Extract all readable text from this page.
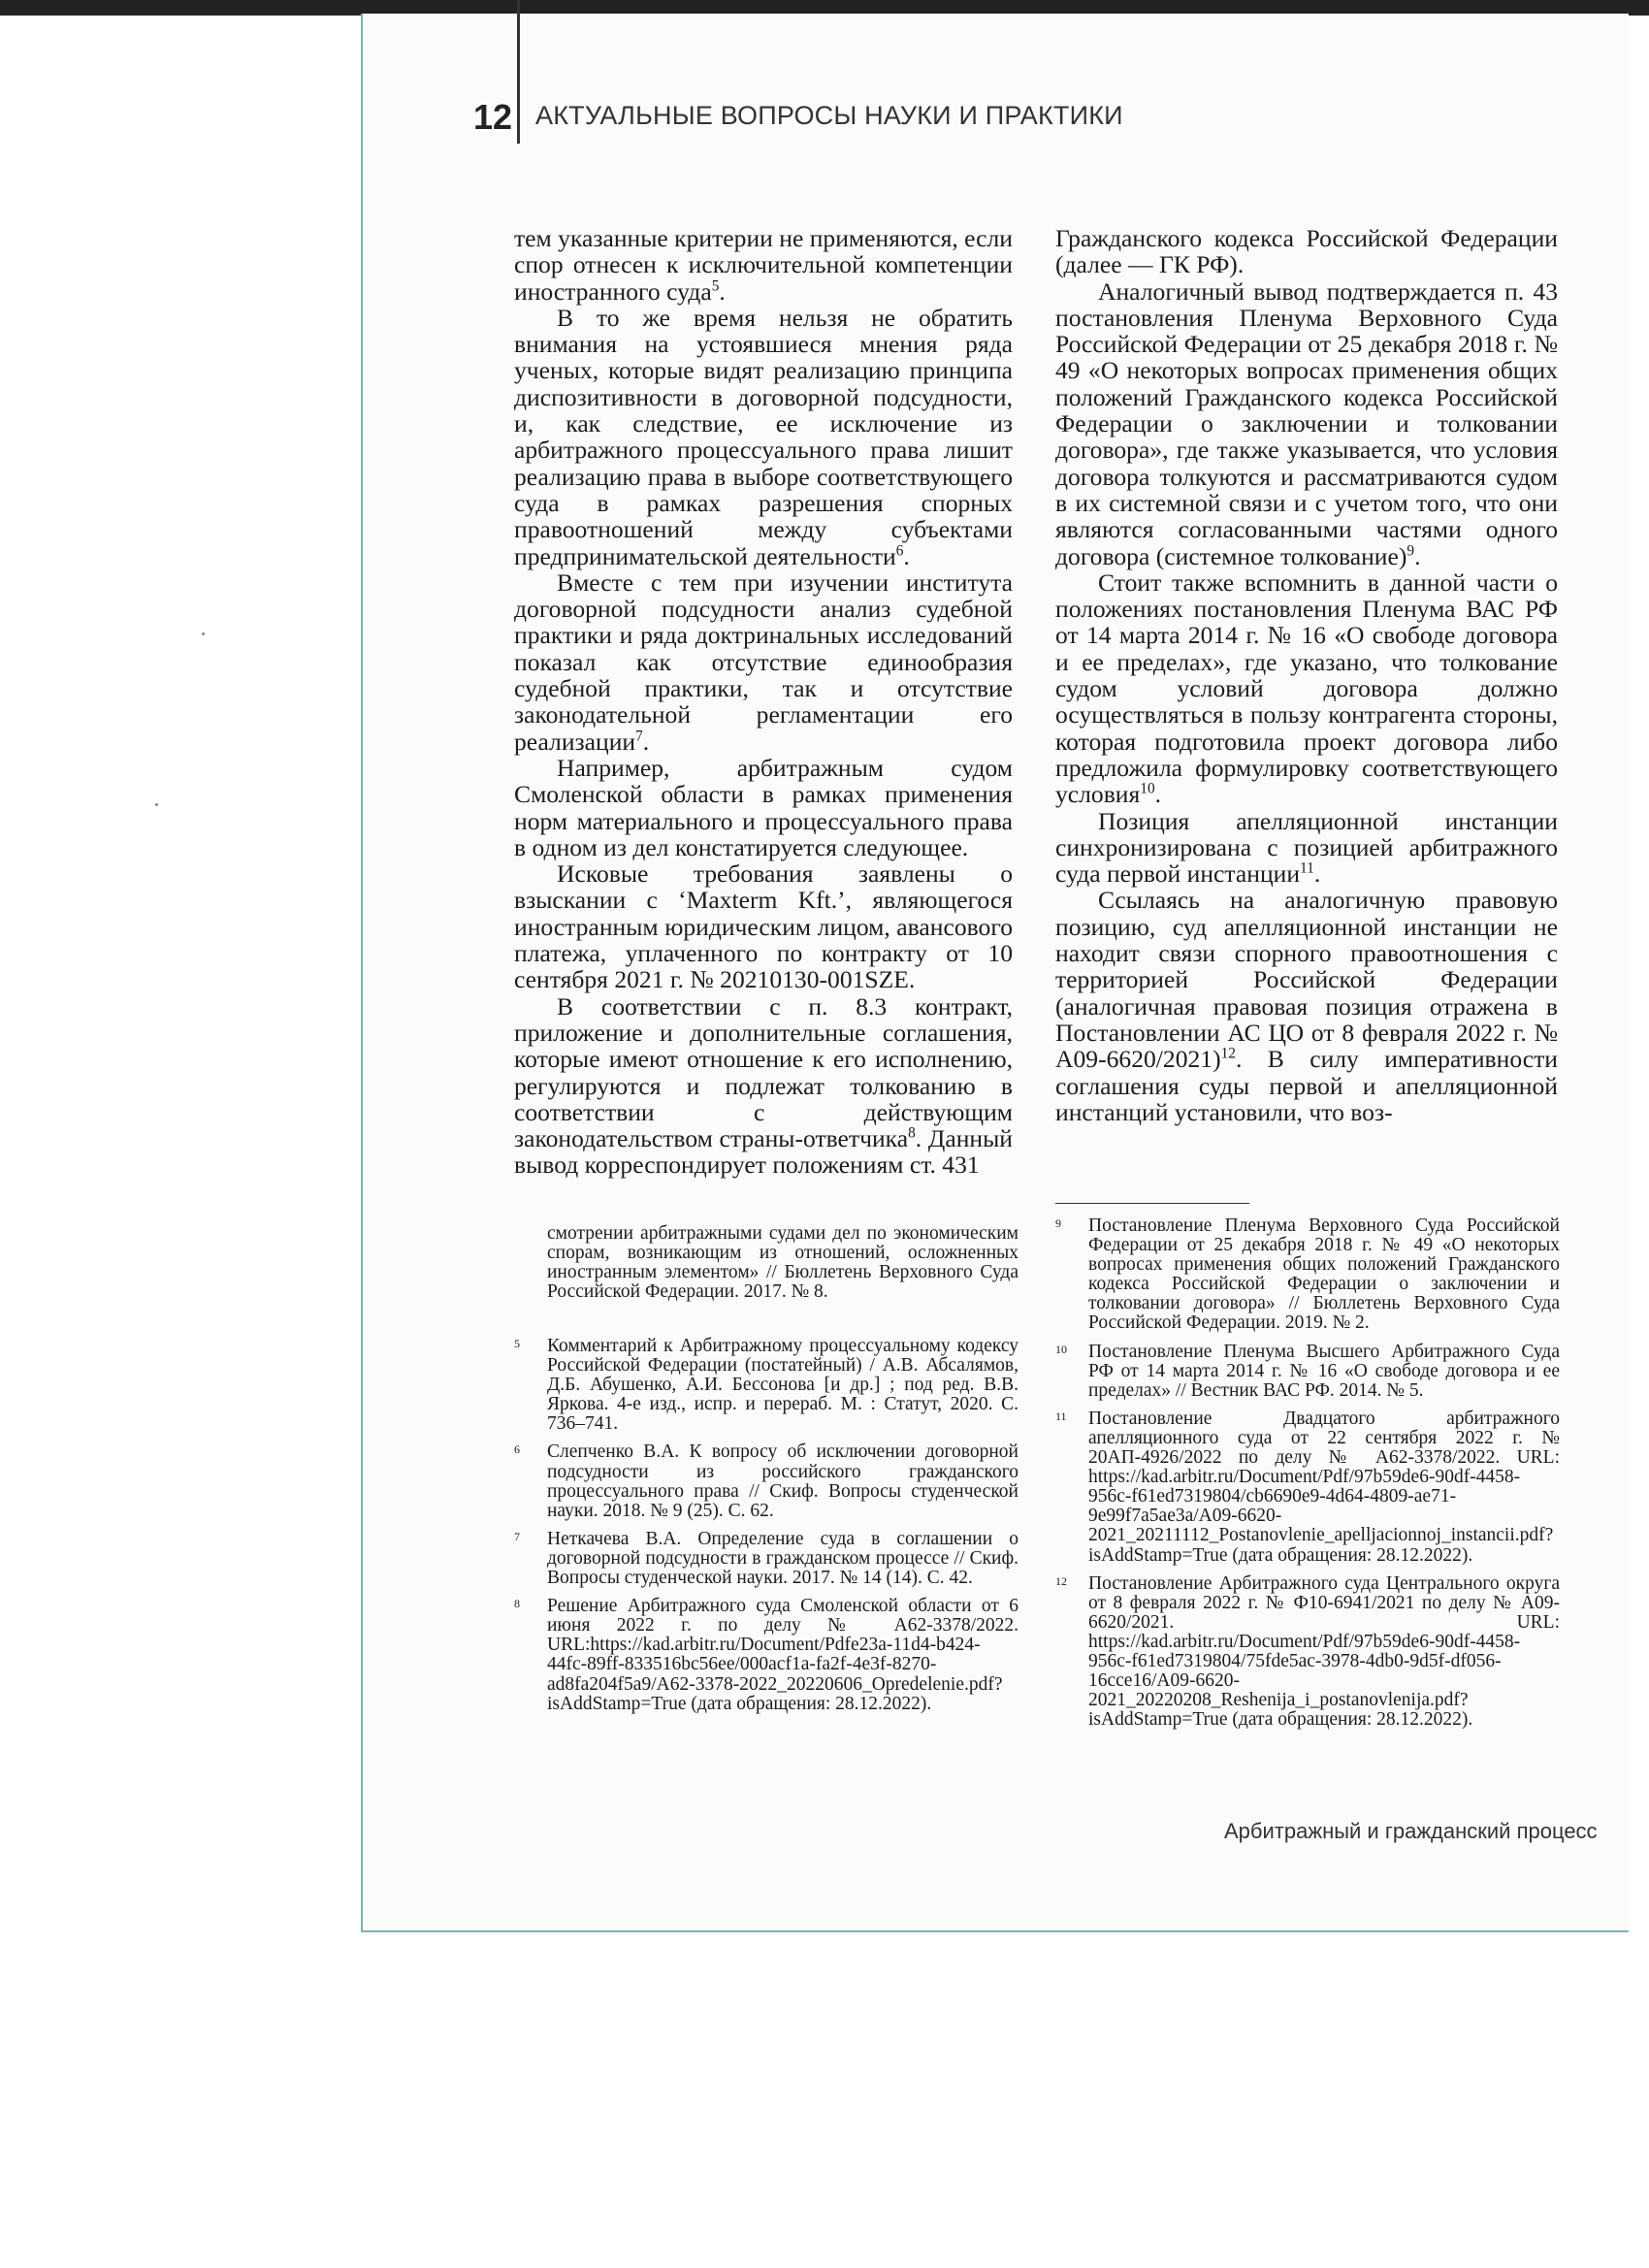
12 АКТУАЛЬНЫЕ ВОПРОСЫ НАУКИ И ПРАКТИКИ

тем указанные критерии не применяются, если спор отнесен к исключительной компетенции иностранного суда$^5$.

В то же время нельзя не обратить внимания на устоявшиеся мнения ряда ученых, которые видят реализацию принципа диспозитивности в договорной подсудности, и, как следствие, ее исключение из арбитражного процессуального права лишит реализацию права в выборе соответствующего суда в рамках разрешения спорных правоотношений между субъектами предпринимательской деятельности$^6$.

Вместе с тем при изучении института договорной подсудности анализ судебной практики и ряда доктринальных исследований показал как отсутствие единообразия судебной практики, так и отсутствие законодательной регламентации его реализации$^7$.

Например, арбитражным судом Смоленской области в рамках применения норм материального и процессуального права в одном из дел констатируется следующее.

Исковые требования заявлены о взыскании с ‘Maxterm Kft.’, являющегося иностранным юридическим лицом, авансового платежа, уплаченного по контракту от 10 сентября 2021 г. № 20210130-001SZE.

В соответствии с п. 8.3 контракт, приложение и дополнительные соглашения, которые имеют отношение к его исполнению, регулируются и подлежат толкованию в соответствии с действующим законодательством страны-ответчика$^8$. Данный вывод корреспондирует положениям ст. 431

Гражданского кодекса Российской Федерации (далее — ГК РФ).

Аналогичный вывод подтверждается п. 43 постановления Пленума Верховного Суда Российской Федерации от 25 декабря 2018 г. № 49 «О некоторых вопросах применения общих положений Гражданского кодекса Российской Федерации о заключении и толковании договора», где также указывается, что условия договора толкуются и рассматриваются судом в их системной связи и с учетом того, что они являются согласованными частями одного договора (системное толкование)$^9$.

Стоит также вспомнить в данной части о положениях постановления Пленума ВАС РФ от 14 марта 2014 г. № 16 «О свободе договора и ее пределах», где указано, что толкование судом условий договора должно осуществляться в пользу контрагента стороны, которая подготовила проект договора либо предложила формулировку соответствующего условия$^{10}$.

Позиция апелляционной инстанции синхронизирована с позицией арбитражного суда первой инстанции$^{11}$.

Ссылаясь на аналогичную правовую позицию, суд апелляционной инстанции не находит связи спорного правоотношения с территорией Российской Федерации (аналогичная правовая позиция отражена в Постановлении АС ЦО от 8 февраля 2022 г. № А09-6620/2021)$^{12}$. В силу императивности соглашения суды первой и апелляционной инстанций установили, что воз-

смотрении арбитражными судами дел по экономическим спорам, возникающим из отношений, осложненных иностранным элементом» // Бюллетень Верховного Суда Российской Федерации. 2017. № 8.
5 Комментарий к Арбитражному процессуальному кодексу Российской Федерации (постатейный) / А.В. Абсалямов, Д.Б. Абушенко, А.И. Бессонова [и др.] ; под ред. В.В. Яркова. 4-е изд., испр. и перераб. М. : Статут, 2020. С. 736–741.
6 Слепченко В.А. К вопросу об исключении договорной подсудности из российского гражданского процессуального права // Скиф. Вопросы студенческой науки. 2018. № 9 (25). С. 62.
7 Неткачева В.А. Определение суда в соглашении о договорной подсудности в гражданском процессе // Скиф. Вопросы студенческой науки. 2017. № 14 (14). С. 42.
8 Решение Арбитражного суда Смоленской области от 6 июня 2022 г. по делу № А62-3378/2022. URL:https://kad.arbitr.ru/Document/Pdfe23a-11d4-b424-44fc-89ff-833516bc56ee/000acf1a-fa2f-4e3f-8270-ad8fa204f5a9/A62-3378-2022_20220606_Opredelenie.pdf?isAddStamp=True (дата обращения: 28.12.2022).
9 Постановление Пленума Верховного Суда Российской Федерации от 25 декабря 2018 г. № 49 «О некоторых вопросах применения общих положений Гражданского кодекса Российской Федерации о заключении и толковании договора» // Бюллетень Верховного Суда Российской Федерации. 2019. № 2.
10 Постановление Пленума Высшего Арбитражного Суда РФ от 14 марта 2014 г. № 16 «О свободе договора и ее пределах» // Вестник ВАС РФ. 2014. № 5.
11 Постановление Двадцатого арбитражного апелляционного суда от 22 сентября 2022 г. № 20АП-4926/2022 по делу № А62-3378/2022. URL: https://kad.arbitr.ru/Document/Pdf/97b59de6-90df-4458-956c-f61ed7319804/cb6690e9-4d64-4809-ae71-9e99f7a5ae3a/A09-6620-2021_20211112_Postanovlenie_apelljacionnoj_instancii.pdf?isAddStamp=True (дата обращения: 28.12.2022).
12 Постановление Арбитражного суда Центрального округа от 8 февраля 2022 г. № Ф10-6941/2021 по делу № А09-6620/2021. URL: https://kad.arbitr.ru/Document/Pdf/97b59de6-90df-4458-956c-f61ed7319804/75fde5ac-3978-4db0-9d5f-df056-16cce16/A09-6620-2021_20220208_Reshenija_i_postanovlenija.pdf?isAddStamp=True (дата обращения: 28.12.2022).
Арбитражный и гражданский процесс
